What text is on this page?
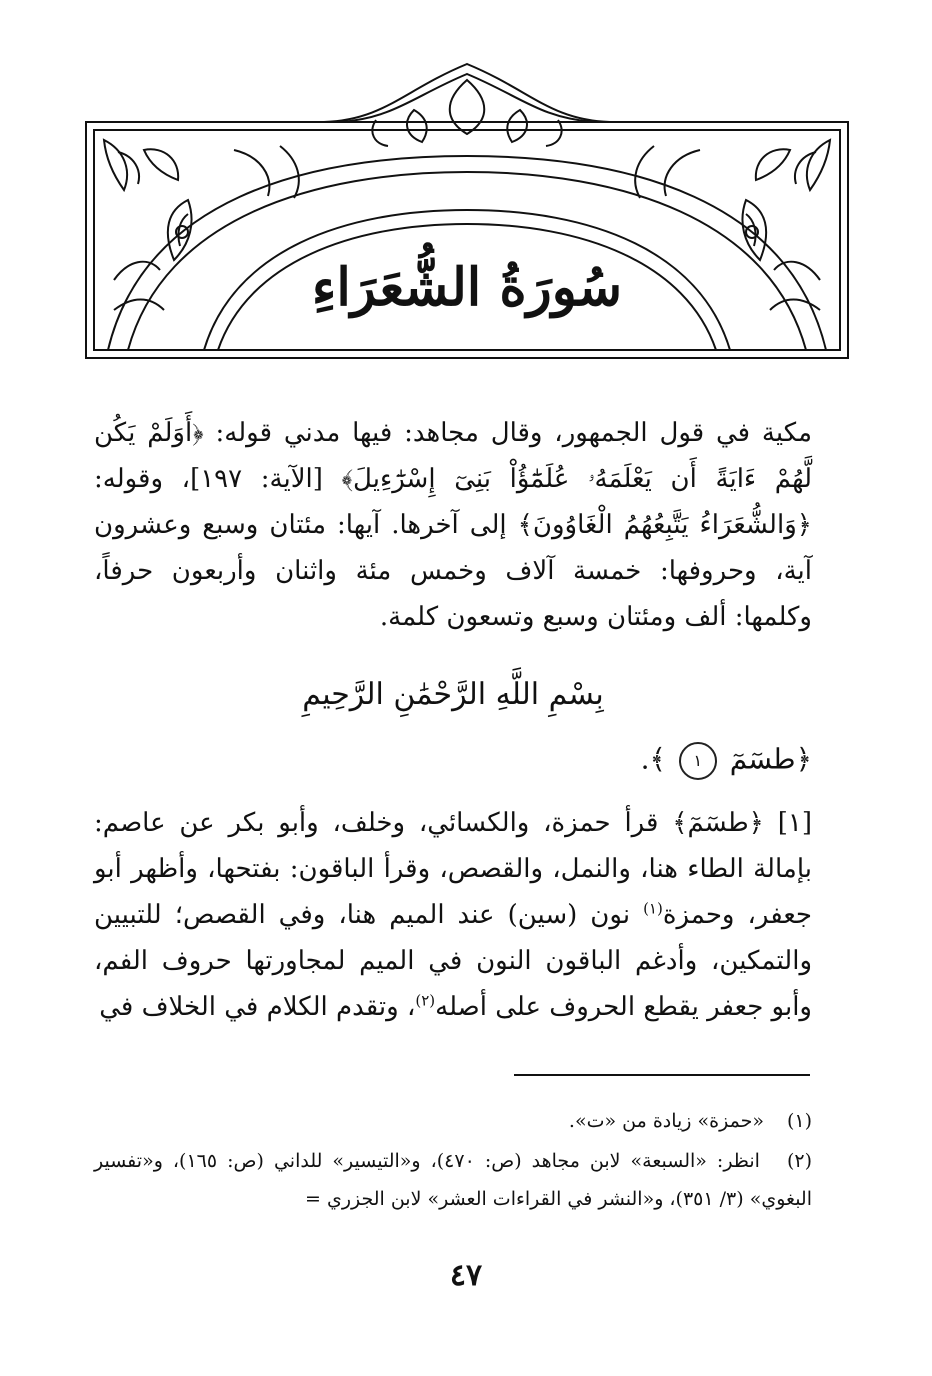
سُورَةُ الشُّعَرَاءِ
مكية في قول الجمهور، وقال مجاهد: فيها مدني قوله: ﴿أَوَلَمْ يَكُن لَّهُمْ ءَايَةً أَن يَعْلَمَهُۥ عُلَمَٰٓؤُاْ بَنِىٓ إِسْرَٰٓءِيلَ﴾ [الآية: ١٩٧]، وقوله: ﴿وَالشُّعَرَاءُ يَتَّبِعُهُمُ الْغَاوُونَ﴾ إلى آخرها. آيها: مئتان وسبع وعشرون آية، وحروفها: خمسة آلاف وخمس مئة واثنان وأربعون حرفاً، وكلمها: ألف ومئتان وسبع وتسعون كلمة.
بِسْمِ اللَّهِ الرَّحْمَٰنِ الرَّحِيمِ
﴿طسٓمٓ ١ ﴾.
[١] ﴿طسٓمٓ﴾ قرأ حمزة، والكسائي، وخلف، وأبو بكر عن عاصم: بإمالة الطاء هنا، والنمل، والقصص، وقرأ الباقون: بفتحها، وأظهر أبو جعفر، وحمزة$^{(١)}$ نون (سين) عند الميم هنا، وفي القصص؛ للتبيين والتمكين، وأدغم الباقون النون في الميم لمجاورتها حروف الفم، وأبو جعفر يقطع الحروف على أصله$^{(٢)}$، وتقدم الكلام في الخلاف في
(١) «حمزة» زيادة من «ت».
(٢) انظر: «السبعة» لابن مجاهد (ص: ٤٧٠)، و«التيسير» للداني (ص: ١٦٥)، و«تفسير البغوي» (٣/ ٣٥١)، و«النشر في القراءات العشر» لابن الجزري =
٤٧
